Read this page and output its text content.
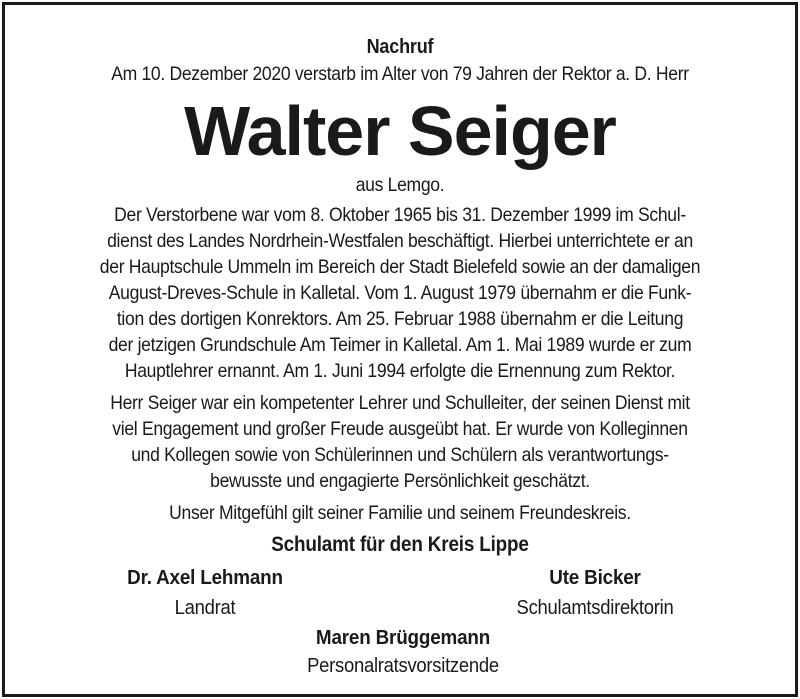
Nachruf
Am 10. Dezember 2020 verstarb im Alter von 79 Jahren der Rektor a. D. Herr
Walter Seiger
aus Lemgo.
Der Verstorbene war vom 8. Oktober 1965 bis 31. Dezember 1999 im Schul-
dienst des Landes Nordrhein-Westfalen beschäftigt. Hierbei unterrichtete er an
der Hauptschule Ummeln im Bereich der Stadt Bielefeld sowie an der damaligen
August-Dreves-Schule in Kalletal. Vom 1. August 1979 übernahm er die Funk-
tion des dortigen Konrektors. Am 25. Februar 1988 übernahm er die Leitung
der jetzigen Grundschule Am Teimer in Kalletal. Am 1. Mai 1989 wurde er zum
Hauptlehrer ernannt. Am 1. Juni 1994 erfolgte die Ernennung zum Rektor.
Herr Seiger war ein kompetenter Lehrer und Schulleiter, der seinen Dienst mit
viel Engagement und großer Freude ausgeübt hat. Er wurde von Kolleginnen
und Kollegen sowie von Schülerinnen und Schülern als verantwortungs-
bewusste und engagierte Persönlichkeit geschätzt.
Unser Mitgefühl gilt seiner Familie und seinem Freundeskreis.
Schulamt für den Kreis Lippe
Dr. Axel Lehmann
Landrat
Ute Bicker
Schulamtsdirektorin
Maren Brüggemann
Personalratsvorsitzende
